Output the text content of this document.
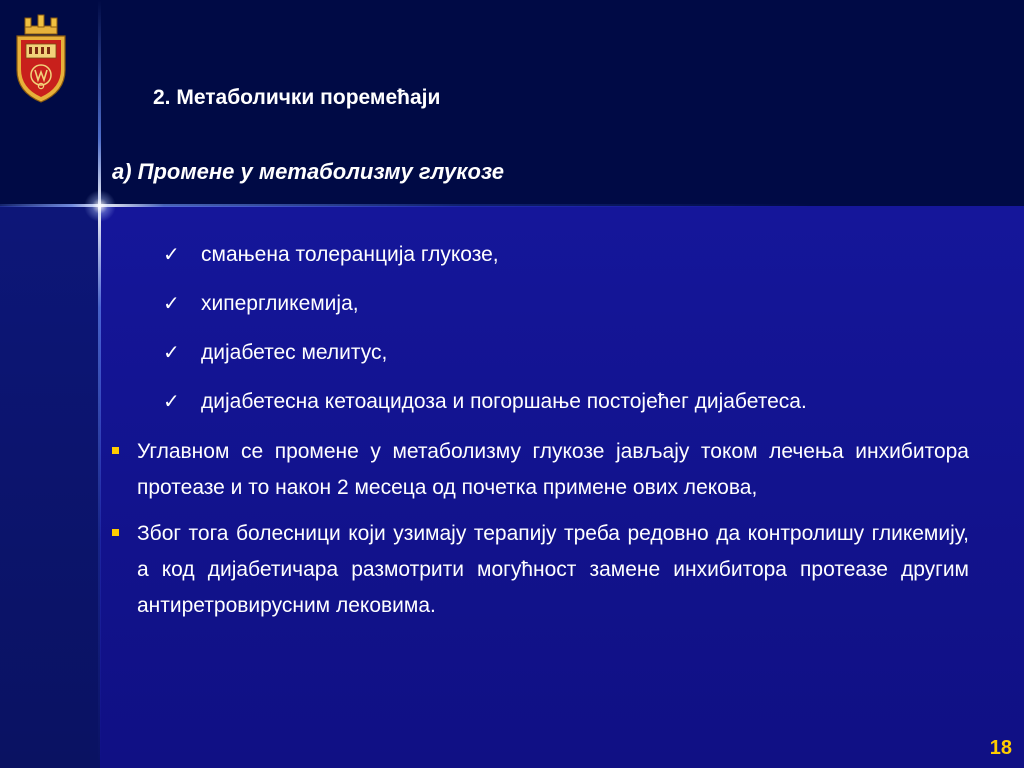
2. Метаболички поремећаји
а) Промене у метаболизму глукозе
✓	смањена толеранција глукозе,
✓	хипергликемија,
✓	дијабетес мелитус,
✓	дијабетесна кетоацидоза и погоршање постојећег дијабетеса.
Углавном се промене у метаболизму глукозе јављају током лечења инхибитора протеазе и то након 2 месеца од почетка примене ових лекова,
Због тога болесници који узимају терапију треба редовно да контролишу гликемију, а код дијабетичара размотрити могућност замене инхибитора протеазе другим антиретровирусним лековима.
18
